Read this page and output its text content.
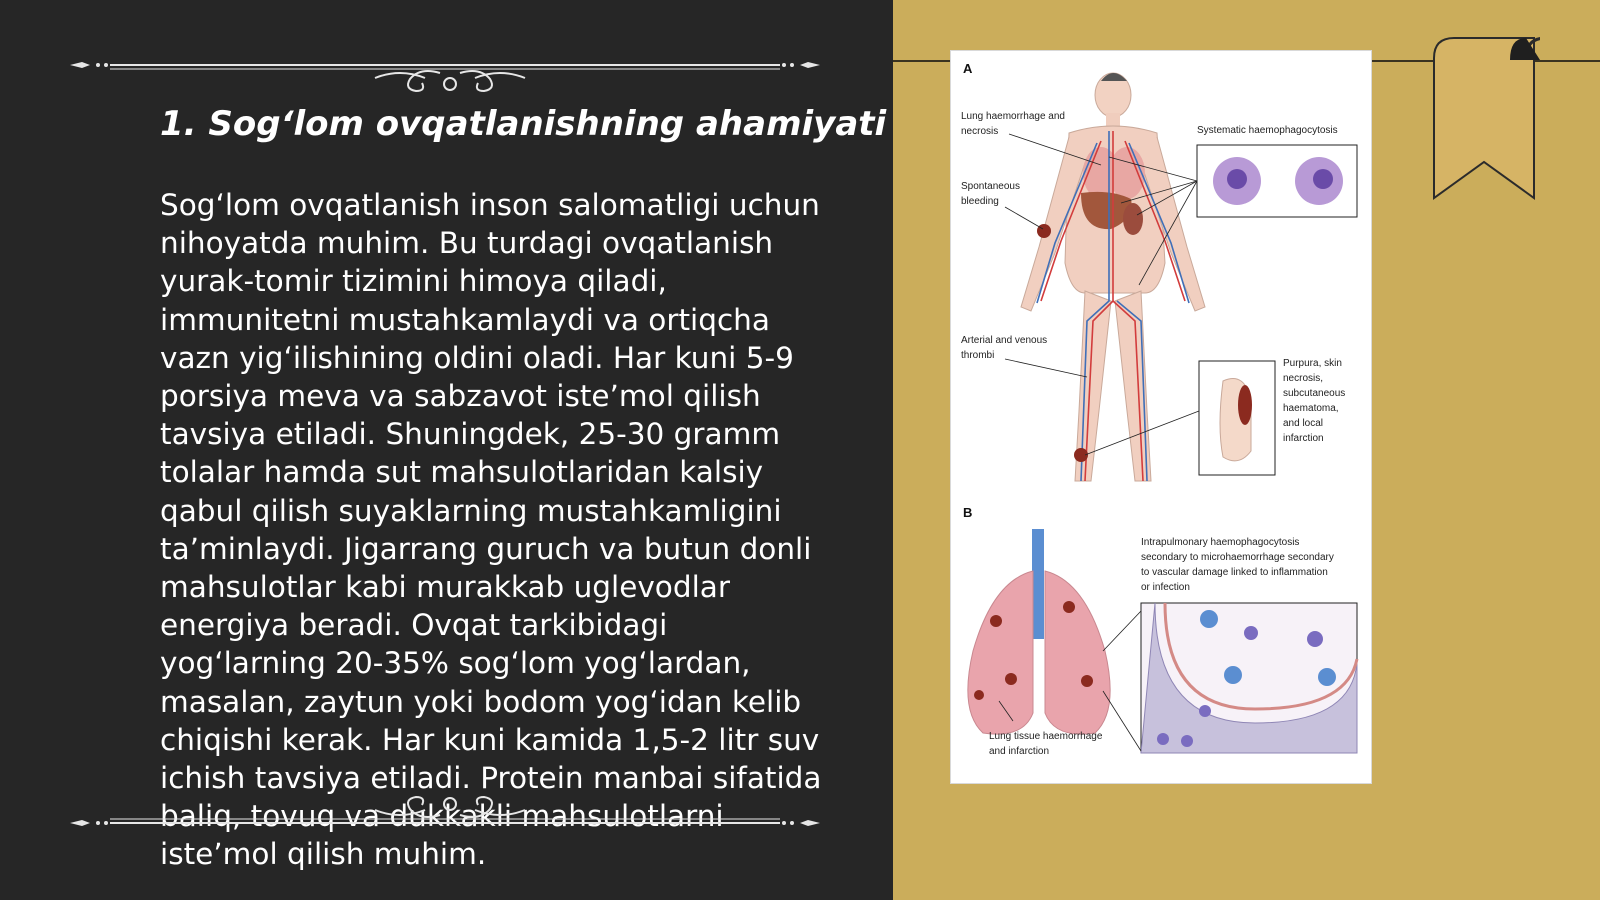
1. Sog‘lom ovqatlanishning ahamiyati

Sog‘lom ovqatlanish inson salomatligi uchun nihoyatda muhim. Bu turdagi ovqatlanish yurak-tomir tizimini himoya qiladi, immunitetni mustahkamlaydi va ortiqcha vazn yig‘ilishining oldini oladi. Har kuni 5-9 porsiya meva va sabzavot iste’mol qilish tavsiya etiladi. Shuningdek, 25-30 gramm tolalar hamda sut mahsulotlaridan kalsiy qabul qilish suyaklarning mustahkamligini ta’minlaydi. Jigarrang guruch va butun donli mahsulotlar kabi murakkab uglevodlar energiya beradi. Ovqat tarkibidagi yog‘larning 20-35% sog‘lom yog‘lardan, masalan, zaytun yoki bodom yog‘idan kelib chiqishi kerak. Har kuni kamida 1,5-2 litr suv ichish tavsiya etiladi. Protein manbai sifatida baliq, tovuq va dukkakli mahsulotlarni iste’mol qilish muhim.

A
Lung haemorrhage and
necrosis	Systematic haemophagocytosis
Spontaneous
bleeding
Arterial and venous
thrombi
Purpura, skin
necrosis,
subcutaneous
haematoma,
and local
infarction
B
Lung tissue haemorrhage
and infarction
Intrapulmonary haemophagocytosis
secondary to microhaemorrhage secondary
to vascular damage linked to inflammation
or infection
